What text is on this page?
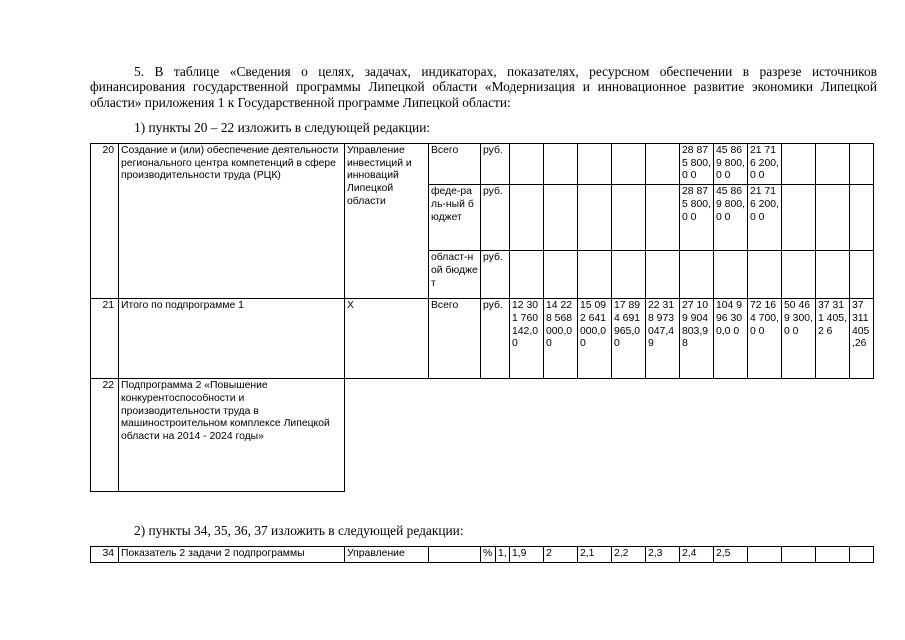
5. В таблице «Сведения о целях, задачах, индикаторах, показателях, ресурсном обеспечении в разрезе источников финансирования государственной программы Липецкой области «Модернизация и инновационное развитие экономики Липецкой области» приложения 1 к Государственной программе Липецкой области:
1) пункты 20 – 22 изложить в следующей редакции:
20	Создание и (или) обеспечение деятельности регионального центра компетенций в сфере производительности труда (РЦК)	Управление инвестиций и инноваций Липецкой области	Всего	руб.						28 875 800,0 0	45 869 800,0 0	21 716 200,0 0			
			феде-ра ль-ный бюджет	руб.						28 875 800,0 0	45 869 800,0 0	21 716 200,0 0			
			област-ной бюджет	руб.											
21	Итого по подпрограмме 1	Х	Всего	руб.	12 301 760 142,0 0	14 228 568 000,0 0	15 092 641 000,0 0	17 894 691 965,0 0	22 318 973 047,4 9	27 109 904 803,9 8	104 996 300,0 0	72 164 700,0 0	50 469 300,0 0	37 311 405,2 6	37 311 405 ,26
22	Подпрограмма 2 «Повышение конкурентоспособности и производительности труда в машиностроительном комплексе Липецкой области на 2014 - 2024 годы»														
2) пункты 34, 35, 36, 37 изложить в следующей редакции:
34	Показатель 2 задачи 2 подпрограммы	Управление		%	1,	1,9	2	2,1	2,2	2,3	2,4	2,5				
